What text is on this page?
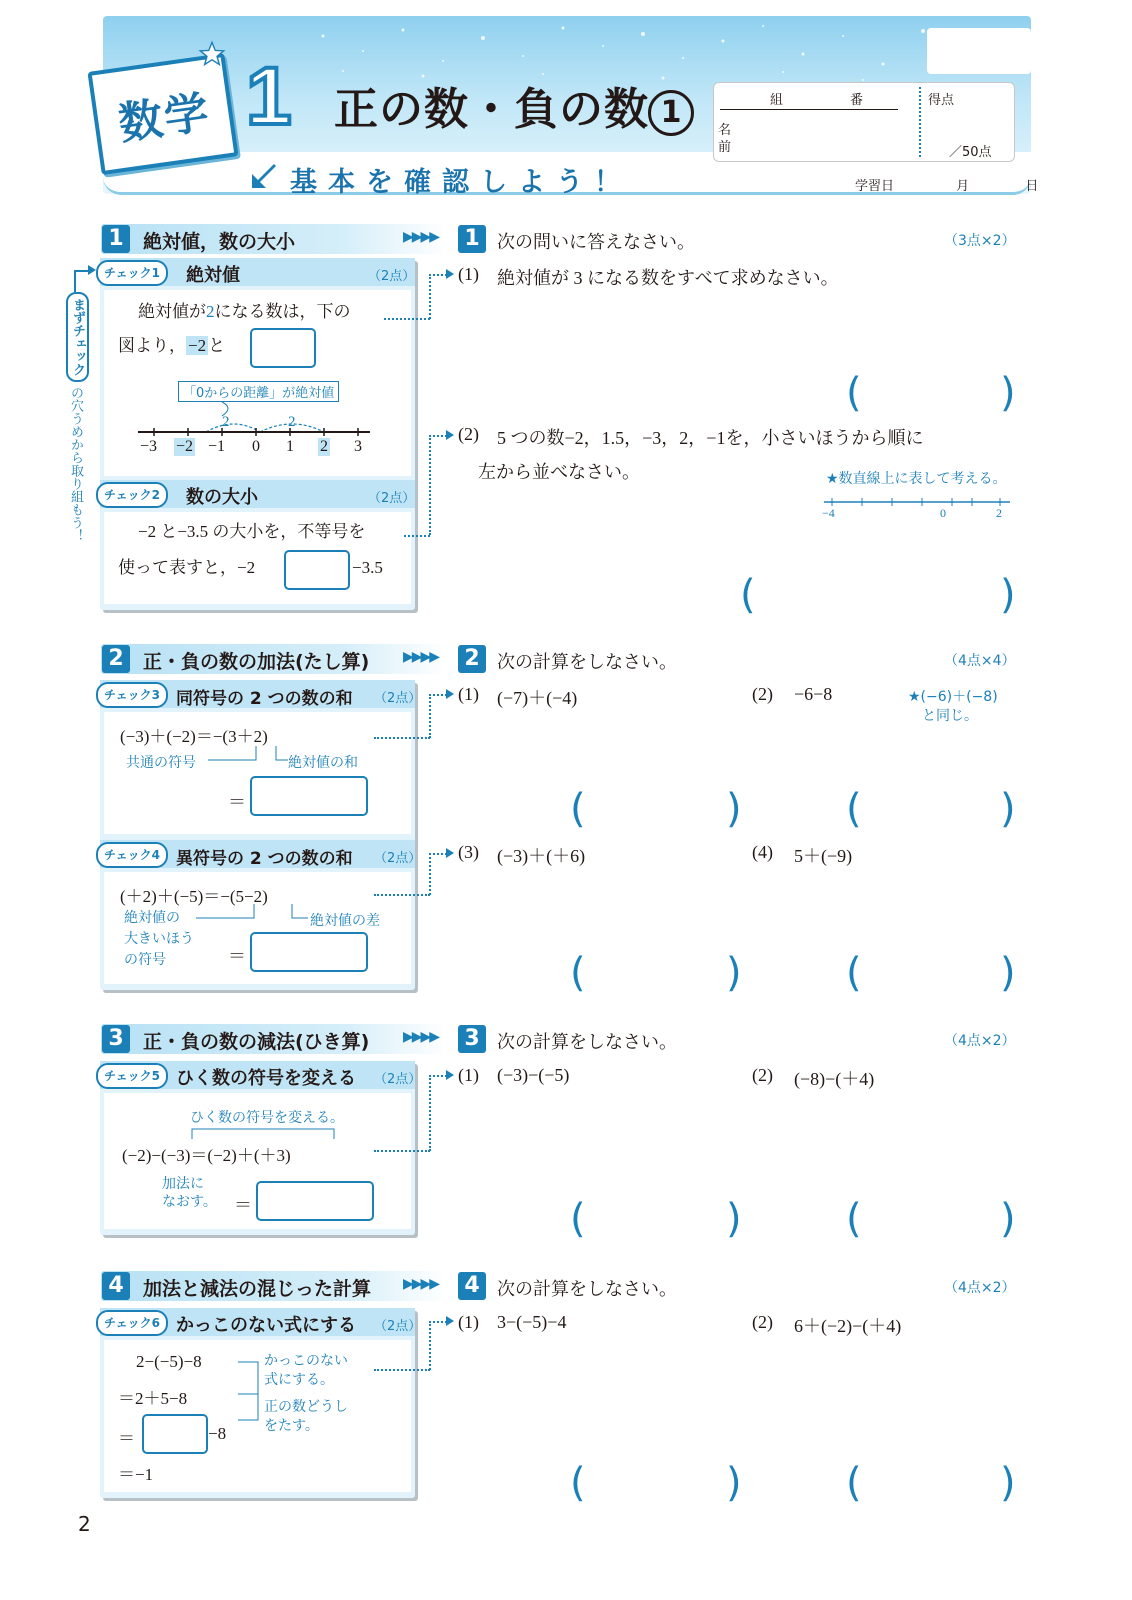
数学 1 正の数・負の数 1
基本を確認しよう！
組	番
名
前
得点
／50点
学習日	月	日
まずチェック
の穴うめから取り組もう！
1	絶対値，数の大小	▶▶▶▶
チェック1	絶対値	（2点）
絶対値が2になる数は，下の
図より， −2 と
「0からの距離」が絶対値
2	2
−3 −2 −1 0 1 2 3
チェック2	数の大小	（2点）
−2 と−3.5 の大小を，不等号を
使って表すと，−2	−3.5
1 次の問いに答えなさい。	（3点×2）
(1) 絶対値が 3 になる数をすべて求めなさい。
(	)
(2) 5 つの数−2，1.5，−3，2，−1を，小さいほうから順に
左から並べなさい。	★数直線上に表して考える。
−4	0	2
(	)
2	正・負の数の加法(たし算) ▶▶▶▶
チェック3 同符号の 2 つの数の和 （2点）
(−3)＋(−2)＝−(3＋2)
共通の符号	絶対値の和
＝
チェック4 異符号の 2 つの数の和 （2点）
(＋2)＋(−5)＝−(5−2)
絶対値の
大きいほう
の符号
絶対値の差
＝
2 次の計算をしなさい。	（4点×4）
(1) (−7)＋(−4)	(2) −6−8	★(−6)＋(−8)
と同じ。
(	)	(	)
(3) (−3)＋(＋6)	(4) 5＋(−9)
(	)	(	)
3	正・負の数の減法(ひき算) ▶▶▶▶
チェック5 ひく数の符号を変える （2点）
ひく数の符号を変える。
(−2)−(−3)＝(−2)＋(＋3)
加法に
なおす。 ＝
3 次の計算をしなさい。	（4点×2）
(1) (−3)−(−5)	(2) (−8)−(＋4)
(	)	(	)
4	加法と減法の混じった計算 ▶▶▶▶
チェック6 かっこのない式にする （2点）
2−(−5)−8
＝2＋5−8
＝	−8
＝−1
かっこのない
式にする。
正の数どうし
をたす。
4 次の計算をしなさい。	（4点×2）
(1) 3−(−5)−4	(2) 6＋(−2)−(＋4)
(	)	(	)
2
